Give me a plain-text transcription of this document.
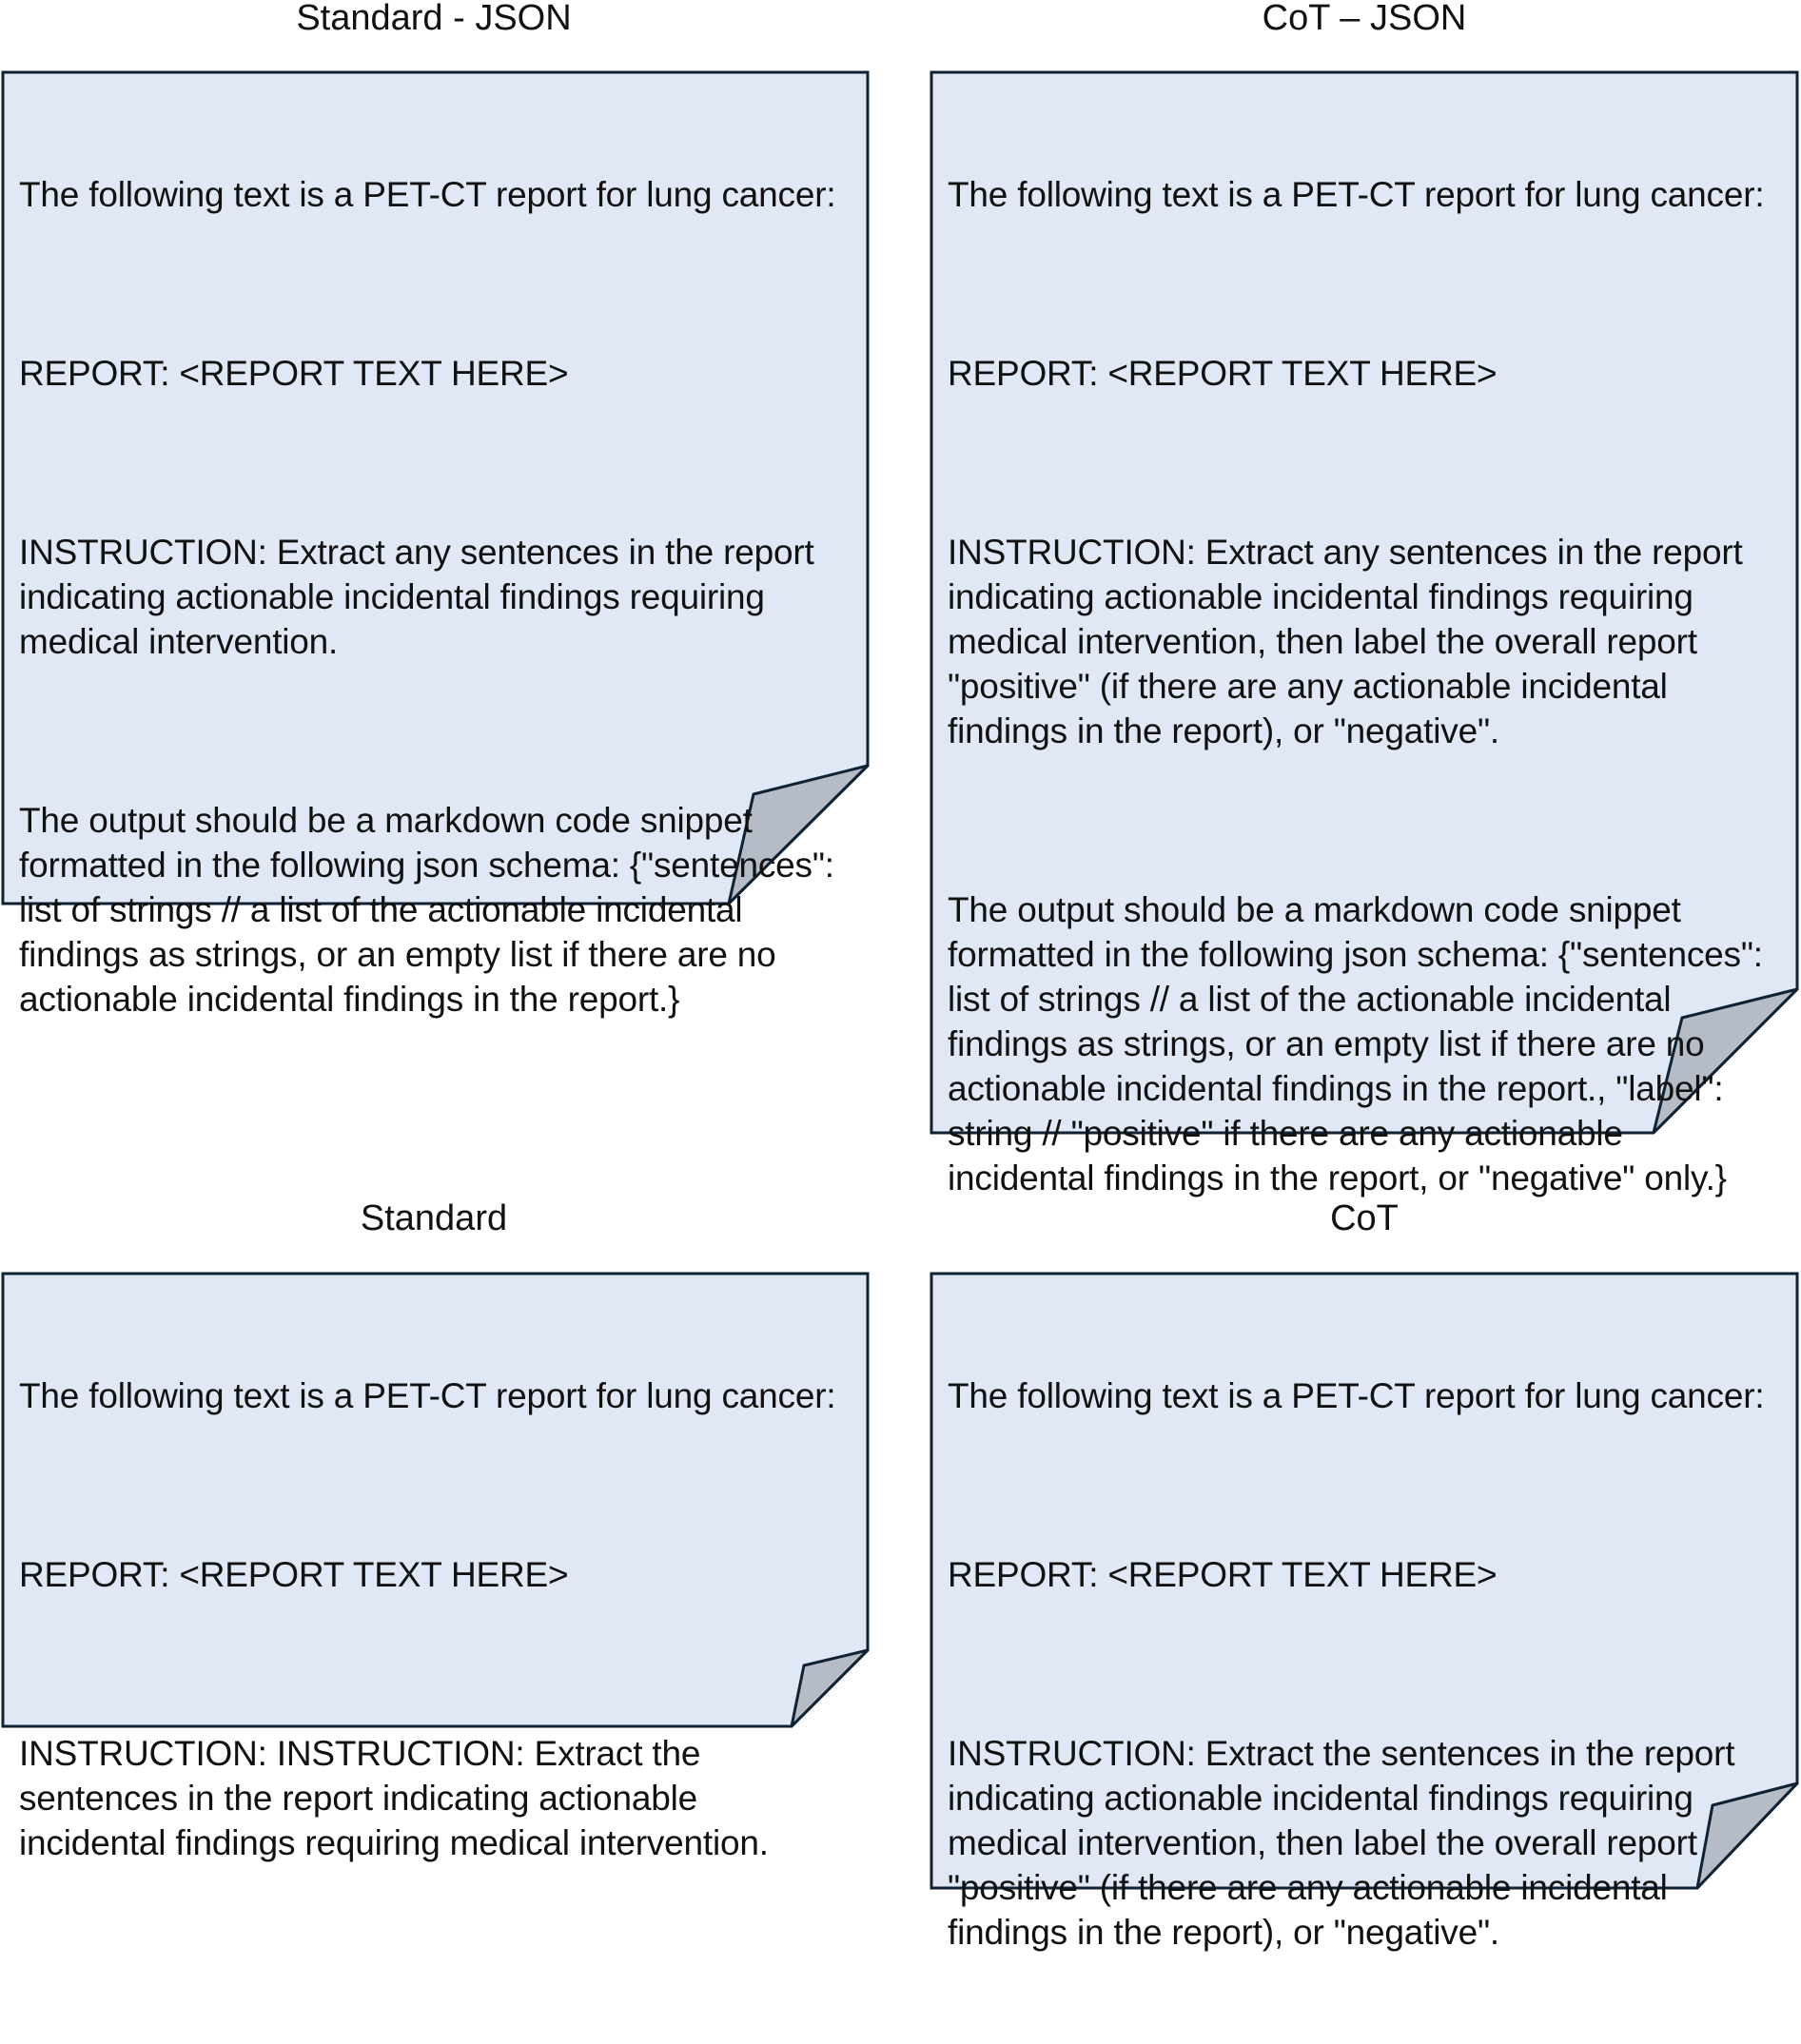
Standard - JSON

The following text is a PET-CT report for lung cancer:

REPORT: <REPORT TEXT HERE>

INSTRUCTION: Extract any sentences in the report indicating actionable incidental findings requiring medical intervention.

The output should be a markdown code snippet formatted in the following json schema: {"sentences": list of strings // a list of the actionable incidental findings as strings, or an empty list if there are no actionable incidental findings in the report.}

CoT – JSON

The following text is a PET-CT report for lung cancer:

REPORT: <REPORT TEXT HERE>

INSTRUCTION: Extract any sentences in the report indicating actionable incidental findings requiring medical intervention, then label the overall report "positive" (if there are any actionable incidental findings in the report), or "negative".

The output should be a markdown code snippet formatted in the following json schema: {"sentences": list of strings // a list of the actionable incidental findings as strings, or an empty list if there are no actionable incidental findings in the report., "label": string // "positive" if there are any actionable incidental findings in the report, or "negative" only.}

Standard

The following text is a PET-CT report for lung cancer:

REPORT: <REPORT TEXT HERE>

INSTRUCTION: INSTRUCTION: Extract the sentences in the report indicating actionable incidental findings requiring medical intervention.

CoT

The following text is a PET-CT report for lung cancer:

REPORT: <REPORT TEXT HERE>

INSTRUCTION: Extract the sentences in the report indicating actionable incidental findings requiring medical intervention, then label the overall report "positive" (if there are any actionable incidental findings in the report), or "negative".
